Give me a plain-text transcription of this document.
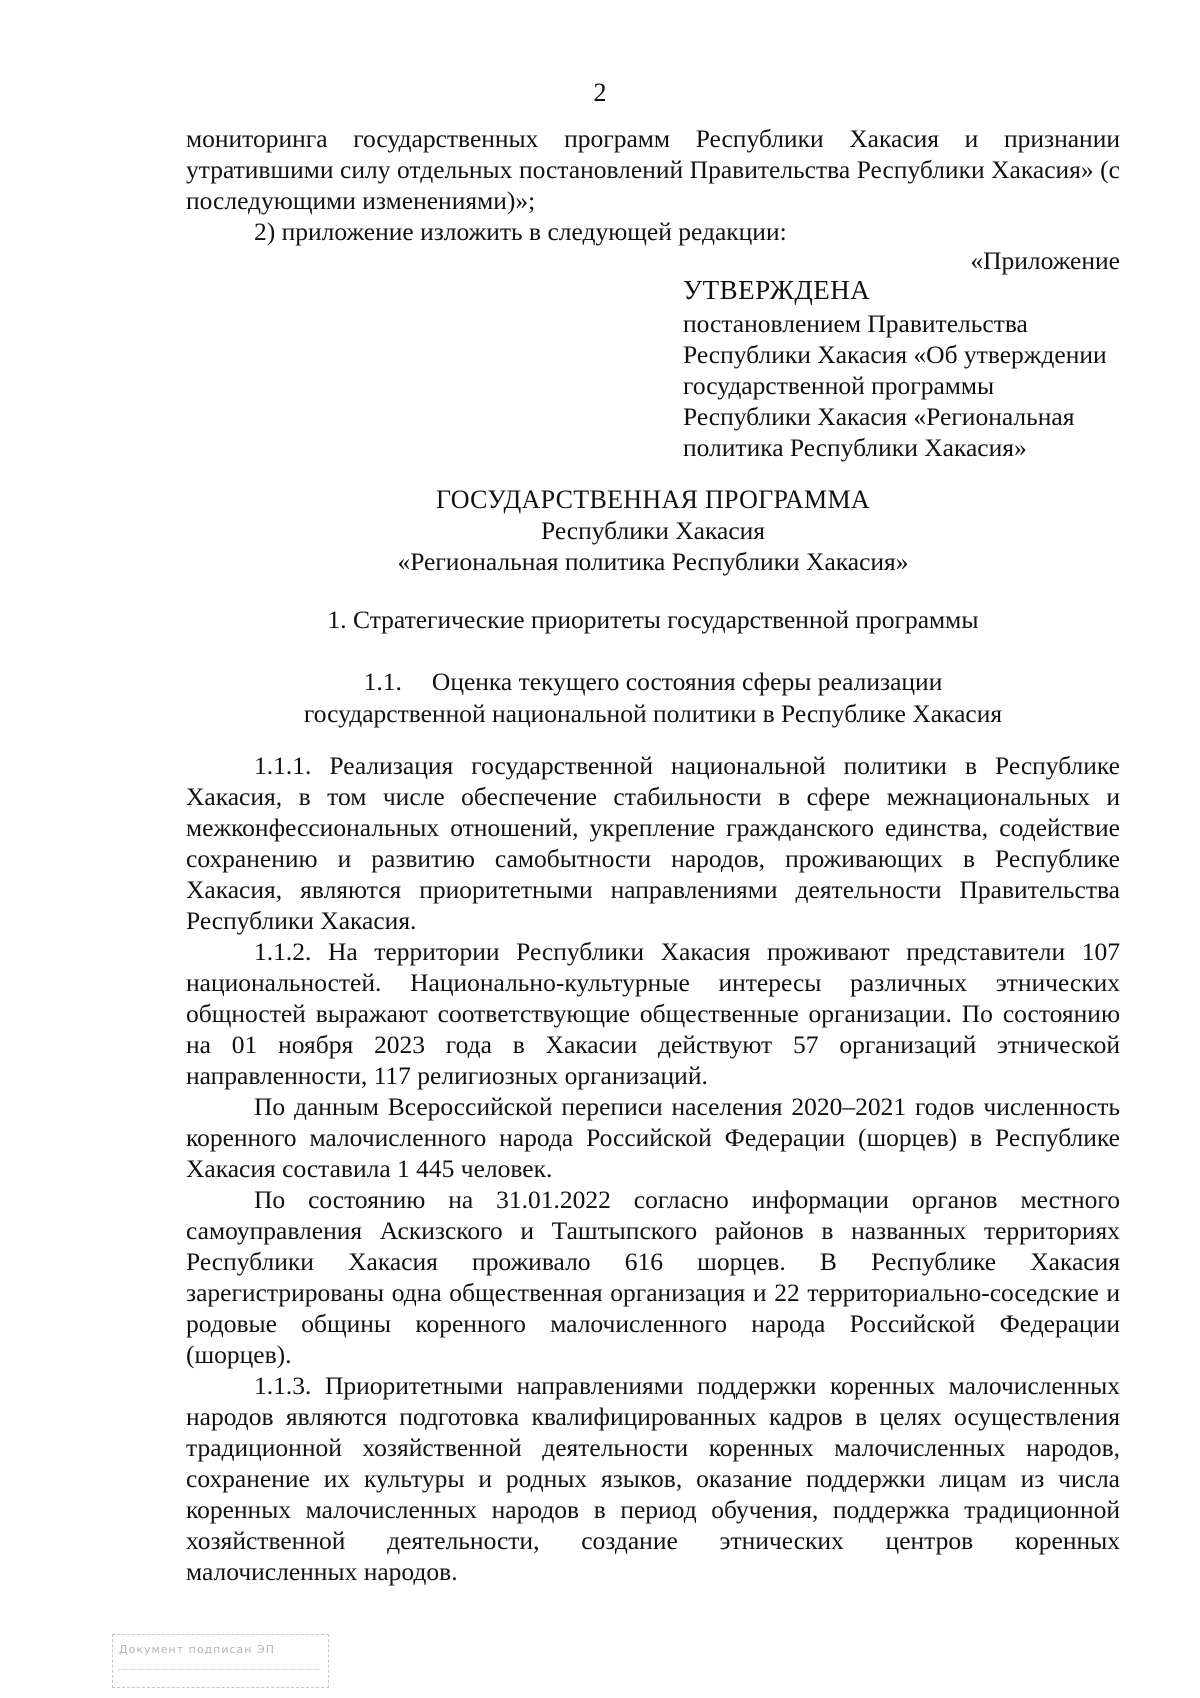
2

мониторинга государственных программ Республики Хакасия и признании утратившими силу отдельных постановлений Правительства Республики Хакасия» (с последующими изменениями)»;

2) приложение изложить в следующей редакции:

«Приложение
УТВЕРЖДЕНА
постановлением Правительства
Республики Хакасия «Об утверждении
государственной программы
Республики Хакасия «Региональная
политика Республики Хакасия»
ГОСУДАРСТВЕННАЯ ПРОГРАММА
Республики Хакасия
«Региональная политика Республики Хакасия»
1. Стратегические приоритеты государственной программы
1.1. Оценка текущего состояния сферы реализации
государственной национальной политики в Республике Хакасия

1.1.1. Реализация государственной национальной политики в Республике Хакасия, в том числе обеспечение стабильности в сфере межнациональных и межконфессиональных отношений, укрепление гражданского единства, содействие сохранению и развитию самобытности народов, проживающих в Республике Хакасия, являются приоритетными направлениями деятельности Правительства Республики Хакасия.

1.1.2. На территории Республики Хакасия проживают представители 107 национальностей. Национально-культурные интересы различных этнических общностей выражают соответствующие общественные организации. По состоянию на 01 ноября 2023 года в Хакасии действуют 57 организаций этнической направленности, 117 религиозных организаций.

По данным Всероссийской переписи населения 2020–2021 годов численность коренного малочисленного народа Российской Федерации (шорцев) в Республике Хакасия составила 1 445 человек.

По состоянию на 31.01.2022 согласно информации органов местного самоуправления Аскизского и Таштыпского районов в названных территориях Республики Хакасия проживало 616 шорцев. В Республике Хакасия зарегистрированы одна общественная организация и 22 территориально-соседские и родовые общины коренного малочисленного народа Российской Федерации (шорцев).

1.1.3. Приоритетными направлениями поддержки коренных малочисленных народов являются подготовка квалифицированных кадров в целях осуществления традиционной хозяйственной деятельности коренных малочисленных народов, сохранение их культуры и родных языков, оказание поддержки лицам из числа коренных малочисленных народов в период обучения, поддержка традиционной хозяйственной деятельности, создание этнических центров коренных малочисленных народов.

Документ подписан ЭП
